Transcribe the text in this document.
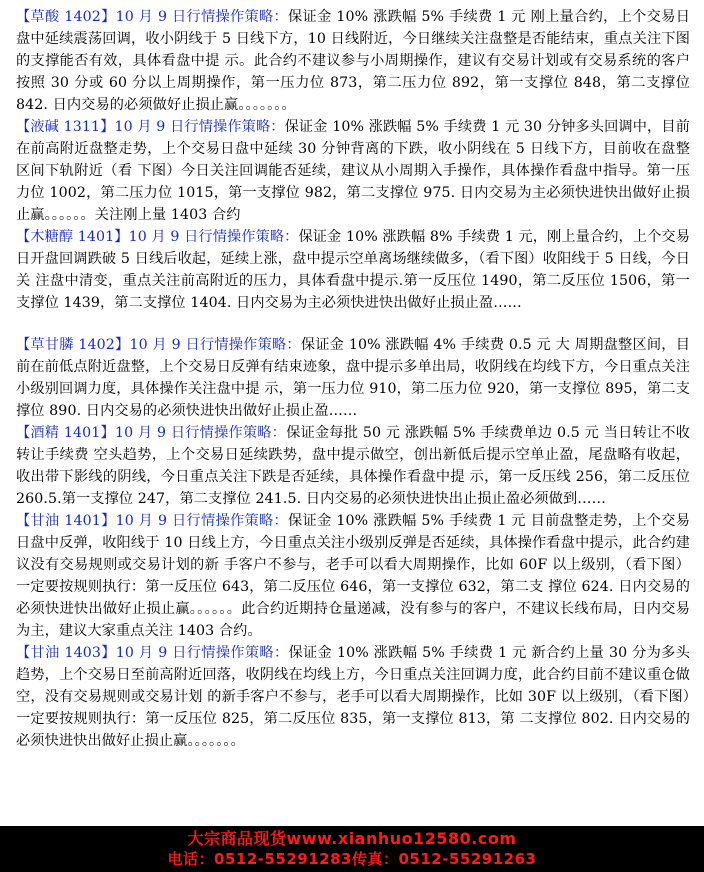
【草酸 1402】10 月 9 日行情操作策略：保证金 10% 涨跌幅 5% 手续费 1 元 刚上量合约，上个交易日盘中延续震荡回调，收小阴线于 5 日线下方，10 日线附近，今日继续关注盘整是否能结束，重点关注下图的支撑能否有效，具体看盘中提 示。此合约不建议参与小周期操作，建议有交易计划或有交易系统的客户按照 30 分或 60 分以上周期操作，第一压力位 873，第二压力位 892，第一支撑位 848，第二支撑位 842. 日内交易的必须做好止损止赢。。。。。。。

【液碱 1311】10 月 9 日行情操作策略：保证金 10% 涨跌幅 5% 手续费 1 元 30 分钟多头回调中，目前在前高附近盘整走势，上个交易日盘中延续 30 分钟背离的下跌，收小阴线在 5 日线下方，目前收在盘整区间下轨附近（看 下图）今日关注回调能否延续，建议从小周期入手操作，具体操作看盘中指导。第一压力位 1002，第二压力位 1015，第一支撑位 982，第二支撑位 975. 日内交易为主必须快进快出做好止损止赢。。。。。。关注刚上量 1403 合约

【木糖醇 1401】10 月 9 日行情操作策略：保证金 10% 涨跌幅 8% 手续费 1 元，刚上量合约，上个交易日开盘回调跌破 5 日线后收起，延续上涨，盘中提示空单离场继续做多，（看下图）收阳线于 5 日线，今日关 注盘中清变，重点关注前高附近的压力，具体看盘中提示.第一反压位 1490，第二反压位 1506，第一支撑位 1439，第二支撑位 1404. 日内交易为主必须快进快出做好止损止盈……

【草甘膦 1402】10 月 9 日行情操作策略：保证金 10% 涨跌幅 4% 手续费 0.5 元 大 周期盘整区间，目前在前低点附近盘整，上个交易日反弹有结束迹象，盘中提示多单出局，收阴线在均线下方，今日重点关注小级别回调力度，具体操作关注盘中提 示，第一压力位 910，第二压力位 920，第一支撑位 895，第二支撑位 890. 日内交易的必须快进快出做好止损止盈……

【酒精 1401】10 月 9 日行情操作策略：保证金每批 50 元 涨跌幅 5% 手续费单边 0.5 元 当日转让不收转让手续费 空头趋势，上个交易日延续跌势，盘中提示做空，创出新低后提示空单止盈，尾盘略有收起，收出带下影线的阴线，今日重点关注下跌是否延续，具体操作看盘中提 示，第一反压线 256，第二反压位 260.5.第一支撑位 247，第二支撑位 241.5. 日内交易的必须快进快出止损止盈必须做到……

【甘油 1401】10 月 9 日行情操作策略：保证金 10% 涨跌幅 5% 手续费 1 元 目前盘整走势，上个交易日盘中反弹，收阳线于 10 日线上方，今日重点关注小级别反弹是否延续，具体操作看盘中提示，此合约建议没有交易规则或交易计划的新 手客户不参与，老手可以看大周期操作，比如 60F 以上级别，（看下图）一定要按规则执行：第一反压位 643，第二反压位 646，第一支撑位 632，第二支 撑位 624. 日内交易的必须快进快出做好止损止赢。。。。。。此合约近期持仓量递减，没有参与的客户，不建议长线布局，日内交易为主，建议大家重点关注 1403 合约。

【甘油 1403】10 月 9 日行情操作策略：保证金 10% 涨跌幅 5% 手续费 1 元 新合约上量 30 分为多头趋势，上个交易日至前高附近回落，收阴线在均线上方，今日重点关注回调力度，此合约目前不建议重仓做空，没有交易规则或交易计划 的新手客户不参与，老手可以看大周期操作，比如 30F 以上级别，（看下图）一定要按规则执行：第一反压位 825，第二反压位 835，第一支撑位 813，第 二支撑位 802. 日内交易的必须快进快出做好止损止赢。。。。。。。

大宗商品现货www.xianhuo12580.com
电话：0512-55291283传真：0512-55291263
